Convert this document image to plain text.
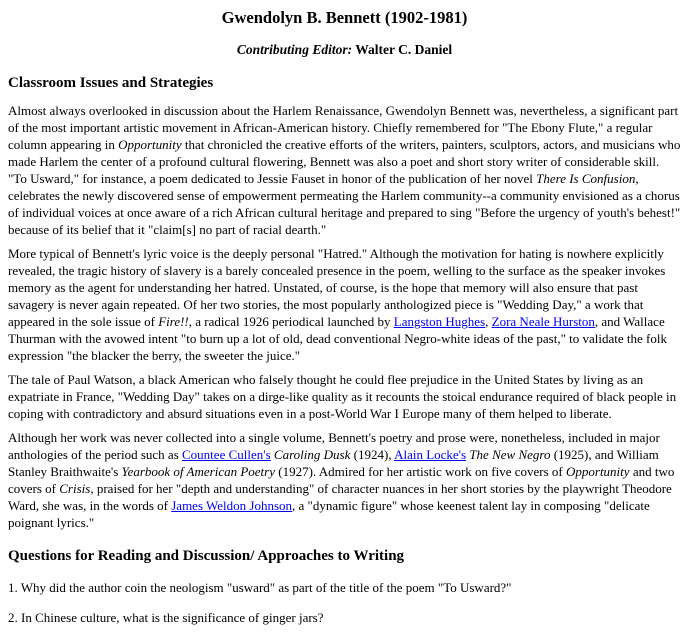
Gwendolyn B. Bennett (1902-1981)

Contributing Editor: Walter C. Daniel

Classroom Issues and Strategies

Almost always overlooked in discussion about the Harlem Renaissance, Gwendolyn Bennett was, nevertheless, a significant part of the most important artistic movement in African-American history. Chiefly remembered for "The Ebony Flute," a regular column appearing in Opportunity that chronicled the creative efforts of the writers, painters, sculptors, actors, and musicians who made Harlem the center of a profound cultural flowering, Bennett was also a poet and short story writer of considerable skill. "To Usward," for instance, a poem dedicated to Jessie Fauset in honor of the publication of her novel There Is Confusion, celebrates the newly discovered sense of empowerment permeating the Harlem community--a community envisioned as a chorus of individual voices at once aware of a rich African cultural heritage and prepared to sing "Before the urgency of youth's behest!" because of its belief that it "claim[s] no part of racial dearth."

More typical of Bennett's lyric voice is the deeply personal "Hatred." Although the motivation for hating is nowhere explicitly revealed, the tragic history of slavery is a barely concealed presence in the poem, welling to the surface as the speaker invokes memory as the agent for understanding her hatred. Unstated, of course, is the hope that memory will also ensure that past savagery is never again repeated. Of her two stories, the most popularly anthologized piece is "Wedding Day," a work that appeared in the sole issue of Fire!!, a radical 1926 periodical launched by Langston Hughes, Zora Neale Hurston, and Wallace Thurman with the avowed intent "to burn up a lot of old, dead conventional Negro-white ideas of the past," to validate the folk expression "the blacker the berry, the sweeter the juice."

The tale of Paul Watson, a black American who falsely thought he could flee prejudice in the United States by living as an expatriate in France, "Wedding Day" takes on a dirge-like quality as it recounts the stoical endurance required of black people in coping with contradictory and absurd situations even in a post-World War I Europe many of them helped to liberate.

Although her work was never collected into a single volume, Bennett's poetry and prose were, nonetheless, included in major anthologies of the period such as Countee Cullen's Caroling Dusk (1924), Alain Locke's The New Negro (1925), and William Stanley Braithwaite's Yearbook of American Poetry (1927). Admired for her artistic work on five covers of Opportunity and two covers of Crisis, praised for her "depth and understanding" of character nuances in her short stories by the playwright Theodore Ward, she was, in the words of James Weldon Johnson, a "dynamic figure" whose keenest talent lay in composing "delicate poignant lyrics."

Questions for Reading and Discussion/ Approaches to Writing

1. Why did the author coin the neologism "usward" as part of the title of the poem "To Usward?"

2. In Chinese culture, what is the significance of ginger jars?
